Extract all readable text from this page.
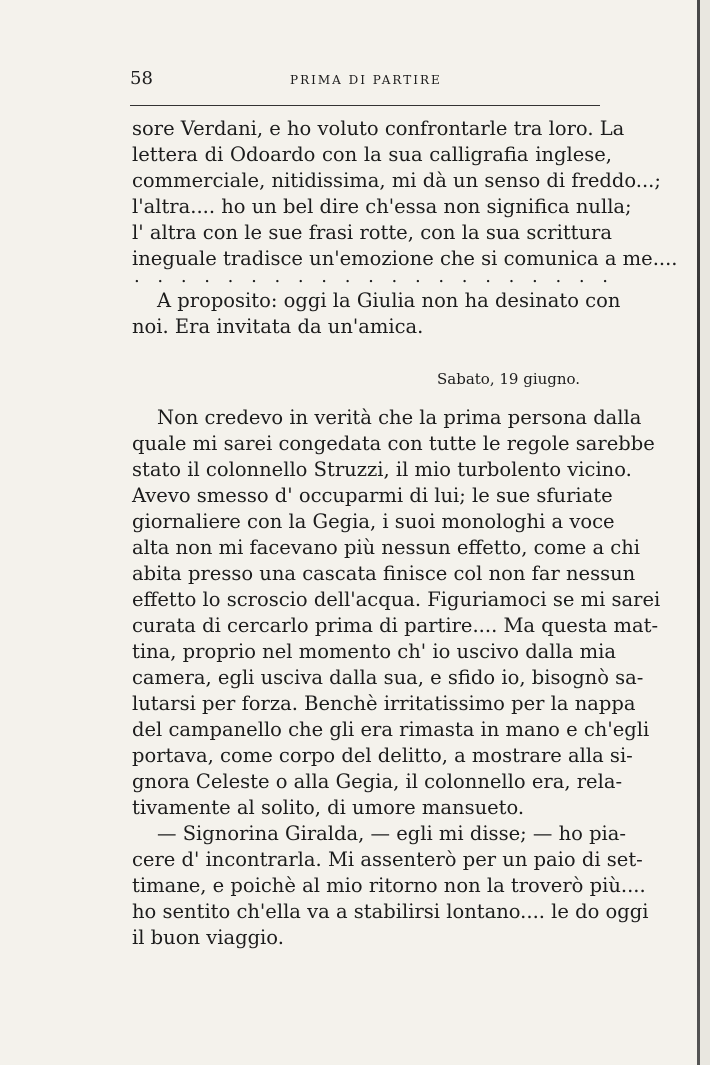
58	PRIMA DI PARTIRE
sore Verdani, e ho voluto confrontarle tra loro. La
lettera di Odoardo con la sua calligrafia inglese,
commerciale, nitidissima, mi dà un senso di freddo...;
l'altra.... ho un bel dire ch'essa non significa nulla;
l' altra con le sue frasi rotte, con la sua scrittura
ineguale tradisce un'emozione che si comunica a me....
. . . . . . . . . . . . . . . . . . . . .
A proposito: oggi la Giulia non ha desinato con
noi. Era invitata da un'amica.
Sabato, 19 giugno.
Non credevo in verità che la prima persona dalla
quale mi sarei congedata con tutte le regole sarebbe
stato il colonnello Struzzi, il mio turbolento vicino.
Avevo smesso d' occuparmi di lui; le sue sfuriate
giornaliere con la Gegia, i suoi monologhi a voce
alta non mi facevano più nessun effetto, come a chi
abita presso una cascata finisce col non far nessun
effetto lo scroscio dell'acqua. Figuriamoci se mi sarei
curata di cercarlo prima di partire.... Ma questa mat-
tina, proprio nel momento ch' io uscivo dalla mia
camera, egli usciva dalla sua, e sfido io, bisognò sa-
lutarsi per forza. Benchè irritatissimo per la nappa
del campanello che gli era rimasta in mano e ch'egli
portava, come corpo del delitto, a mostrare alla si-
gnora Celeste o alla Gegia, il colonnello era, rela-
tivamente al solito, di umore mansueto.
— Signorina Giralda, — egli mi disse; — ho pia-
cere d' incontrarla. Mi assenterò per un paio di set-
timane, e poichè al mio ritorno non la troverò più....
ho sentito ch'ella va a stabilirsi lontano.... le do oggi
il buon viaggio.
